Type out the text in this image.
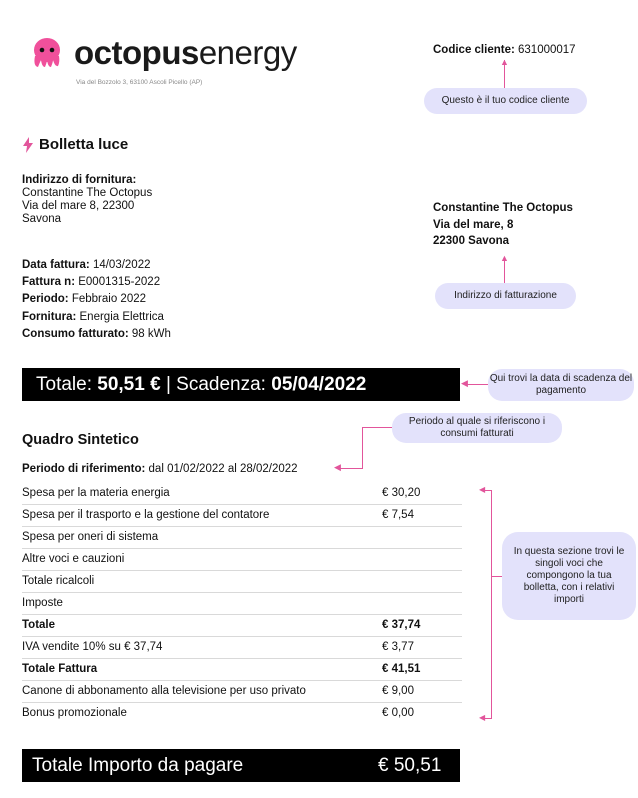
octopusenergy
Via del Bozzolo 3, 63100 Ascoli Picello (AP)
Codice cliente: 631000017
▲
Questo è il tuo codice cliente
Bolletta luce
Indirizzo di fornitura:
Constantine The Octopus
Via del mare 8, 22300
Savona
Constantine The Octopus
Via del mare, 8
22300 Savona
▲
Indirizzo di fatturazione
Data fattura: 14/03/2022
Fattura n: E0001315-2022
Periodo: Febbraio 2022
Fornitura: Energia Elettrica
Consumo fatturato: 98 kWh
Totale:
50,51 €
|
Scadenza:
05/04/2022	◀ Qui trovi la data di scadenza del pagamento
Periodo al quale si riferiscono i consumi fatturati
◀
Quadro Sintetico
Periodo di riferimento: dal 01/02/2022 al 28/02/2022
Spesa per la materia energia	€ 30,20
Spesa per il trasporto e la gestione del contatore	€ 7,54
Spesa per oneri di sistema
Altre voci e cauzioni
Totale ricalcoli
Imposte
Totale	€ 37,74
IVA vendite 10% su € 37,74	€ 3,77
Totale Fattura	€ 41,51
Canone di abbonamento alla televisione per uso privato	€ 9,00
Bonus promozionale	€ 0,00
◀
◀
In questa sezione trovi le singoli voci che compongono la tua bolletta, con i relativi importi
Totale Importo da pagare	€ 50,51
